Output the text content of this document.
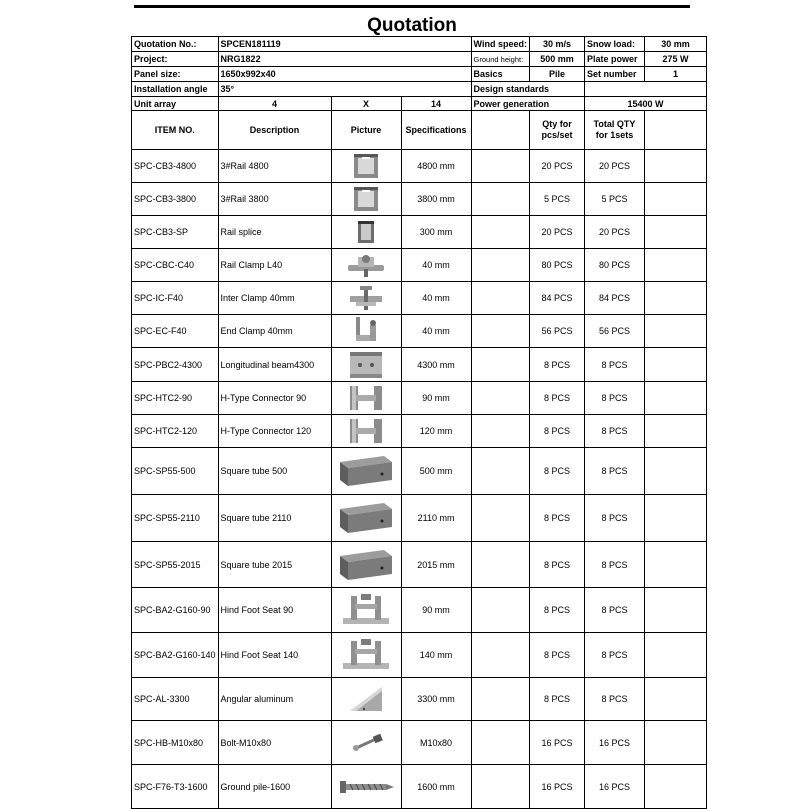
Quotation
Quotation No.:	SPCEN181119			Wind speed:	30 m/s	Snow load:	30 mm
Project:	NRG1822			Ground height:	500 mm	Plate power	275 W
Panel size:	1650x992x40			Basics	Pile	Set number	1
Installation angle	35°			Design standards			
Unit array	4	X	14	Power generation		15400 W	
ITEM NO.	Description	Picture	Specifications		Qty for pcs/set	Total QTY for 1sets	
SPC-CB3-4800	3#Rail 4800		4800 mm		20 PCS	20 PCS	
SPC-CB3-3800	3#Rail 3800		3800 mm		5 PCS	5 PCS	
SPC-CB3-SP	Rail splice		300 mm		20 PCS	20 PCS	
SPC-CBC-C40	Rail Clamp L40		40 mm		80 PCS	80 PCS	
SPC-IC-F40	Inter Clamp 40mm		40 mm		84 PCS	84 PCS	
SPC-EC-F40	End Clamp 40mm		40 mm		56 PCS	56 PCS	
SPC-PBC2-4300	Longitudinal beam4300		4300 mm		8 PCS	8 PCS	
SPC-HTC2-90	H-Type Connector 90		90 mm		8 PCS	8 PCS	
SPC-HTC2-120	H-Type Connector 120		120 mm		8 PCS	8 PCS	
SPC-SP55-500	Square tube 500		500 mm		8 PCS	8 PCS	
SPC-SP55-2110	Square tube 2110		2110 mm		8 PCS	8 PCS	
SPC-SP55-2015	Square tube 2015		2015 mm		8 PCS	8 PCS	
SPC-BA2-G160-90	Hind Foot Seat 90		90 mm		8 PCS	8 PCS	
SPC-BA2-G160-140	Hind Foot Seat 140		140 mm		8 PCS	8 PCS	
SPC-AL-3300	Angular aluminum		3300 mm		8 PCS	8 PCS	
SPC-HB-M10x80	Bolt-M10x80		M10x80		16 PCS	16 PCS	
SPC-F76-T3-1600	Ground pile-1600		1600 mm		16 PCS	16 PCS	
